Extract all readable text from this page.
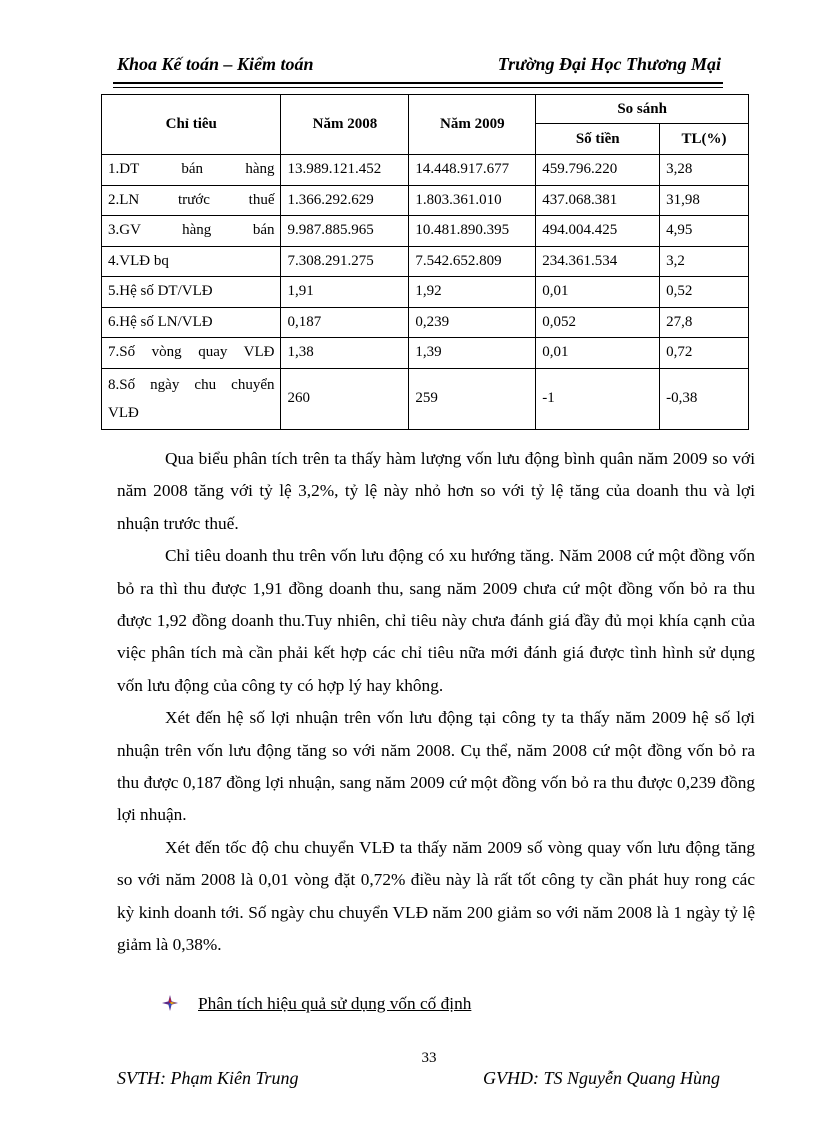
Khoa Kế toán – Kiểm toán	Trường Đại Học Thương Mại
Chỉ tiêu	Năm 2008	Năm 2009	So sánh	
			Số tiền	TL(%)
1.DT bán hàng	13.989.121.452	14.448.917.677	459.796.220	3,28
2.LN trước thuế	1.366.292.629	1.803.361.010	437.068.381	31,98
3.GV hàng bán	9.987.885.965	10.481.890.395	494.004.425	4,95
4.VLĐ bq	7.308.291.275	7.542.652.809	234.361.534	3,2
5.Hệ số DT/VLĐ	1,91	1,92	0,01	0,52
6.Hệ số LN/VLĐ	0,187	0,239	0,052	27,8
7.Số vòng quay VLĐ	1,38	1,39	0,01	0,72
8.Số ngày chu chuyển VLĐ	260	259	-1	-0,38

Qua biểu phân tích trên ta thấy hàm lượng vốn lưu động bình quân năm 2009 so với năm 2008 tăng với tỷ lệ 3,2%, tỷ lệ này nhỏ hơn so với tỷ lệ tăng của doanh thu và lợi nhuận trước thuế.

Chỉ tiêu doanh thu trên vốn lưu động có xu hướng tăng. Năm 2008 cứ một đồng vốn bỏ ra thì thu được 1,91 đồng doanh thu, sang năm 2009 chưa cứ một đồng vốn bỏ ra thu được 1,92 đồng doanh thu.Tuy nhiên, chỉ tiêu này chưa đánh giá đầy đủ mọi khía cạnh của việc phân tích mà cần phải kết hợp các chỉ tiêu nữa mới đánh giá được tình hình sử dụng vốn lưu động của công ty có hợp lý hay không.

Xét đến hệ số lợi nhuận trên vốn lưu động tại công ty ta thấy năm 2009 hệ số lợi nhuận trên vốn lưu động tăng so với năm 2008. Cụ thể, năm 2008 cứ một đồng vốn bỏ ra thu được 0,187 đồng lợi nhuận, sang năm 2009 cứ một đồng vốn bỏ ra thu được 0,239 đồng lợi nhuận.

Xét đến tốc độ chu chuyển VLĐ ta thấy năm 2009 số vòng quay vốn lưu động tăng so với năm 2008 là 0,01 vòng đặt 0,72% điều này là rất tốt công ty cần phát huy rong các kỳ kinh doanh tới. Số ngày chu chuyển VLĐ năm 200 giảm so với năm 2008 là 1 ngày tỷ lệ giảm là 0,38%.

Phân tích hiệu quả sử dụng vốn cố định
33
SVTH: Phạm Kiên Trung	GVHD: TS Nguyễn Quang Hùng
